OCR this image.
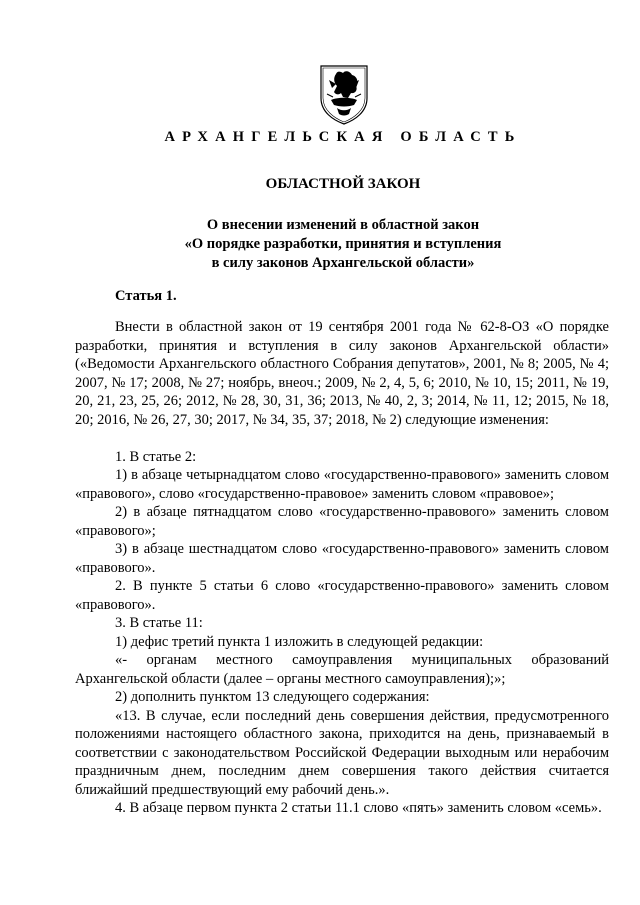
АРХАНГЕЛЬСКАЯ ОБЛАСТЬ
ОБЛАСТНОЙ ЗАКОН
О внесении изменений в областной закон
«О порядке разработки, принятия и вступления
в силу законов Архангельской области»
Статья 1.

Внести в областной закон от 19 сентября 2001 года № 62-8-ОЗ «О порядке разработки, принятия и вступления в силу законов Архангельской области» («Ведомости Архангельского областного Собрания депутатов», 2001, № 8; 2005, № 4; 2007, № 17; 2008, № 27; ноябрь, внеоч.; 2009, № 2, 4, 5, 6; 2010, № 10, 15; 2011, № 19, 20, 21, 23, 25, 26; 2012, № 28, 30, 31, 36; 2013, № 40, 2, 3; 2014, № 11, 12; 2015, № 18, 20; 2016, № 26, 27, 30; 2017, № 34, 35, 37; 2018, № 2) следующие изменения:

1. В статье 2:

1) в абзаце четырнадцатом слово «государственно-правового» заменить словом «правового», слово «государственно-правовое» заменить словом «правовое»;

2) в абзаце пятнадцатом слово «государственно-правового» заменить словом «правового»;

3) в абзаце шестнадцатом слово «государственно-правового» заменить словом «правового».

2. В пункте 5 статьи 6 слово «государственно-правового» заменить словом «правового».

3. В статье 11:

1) дефис третий пункта 1 изложить в следующей редакции:

«- органам местного самоуправления муниципальных образований Архангельской области (далее – органы местного самоуправления);»;

2) дополнить пунктом 13 следующего содержания:

«13. В случае, если последний день совершения действия, предусмотренного положениями настоящего областного закона, приходится на день, признаваемый в соответствии с законодательством Российской Федерации выходным или нерабочим праздничным днем, последним днем совершения такого действия считается ближайший предшествующий ему рабочий день.».

4. В абзаце первом пункта 2 статьи 11.1 слово «пять» заменить словом «семь».
